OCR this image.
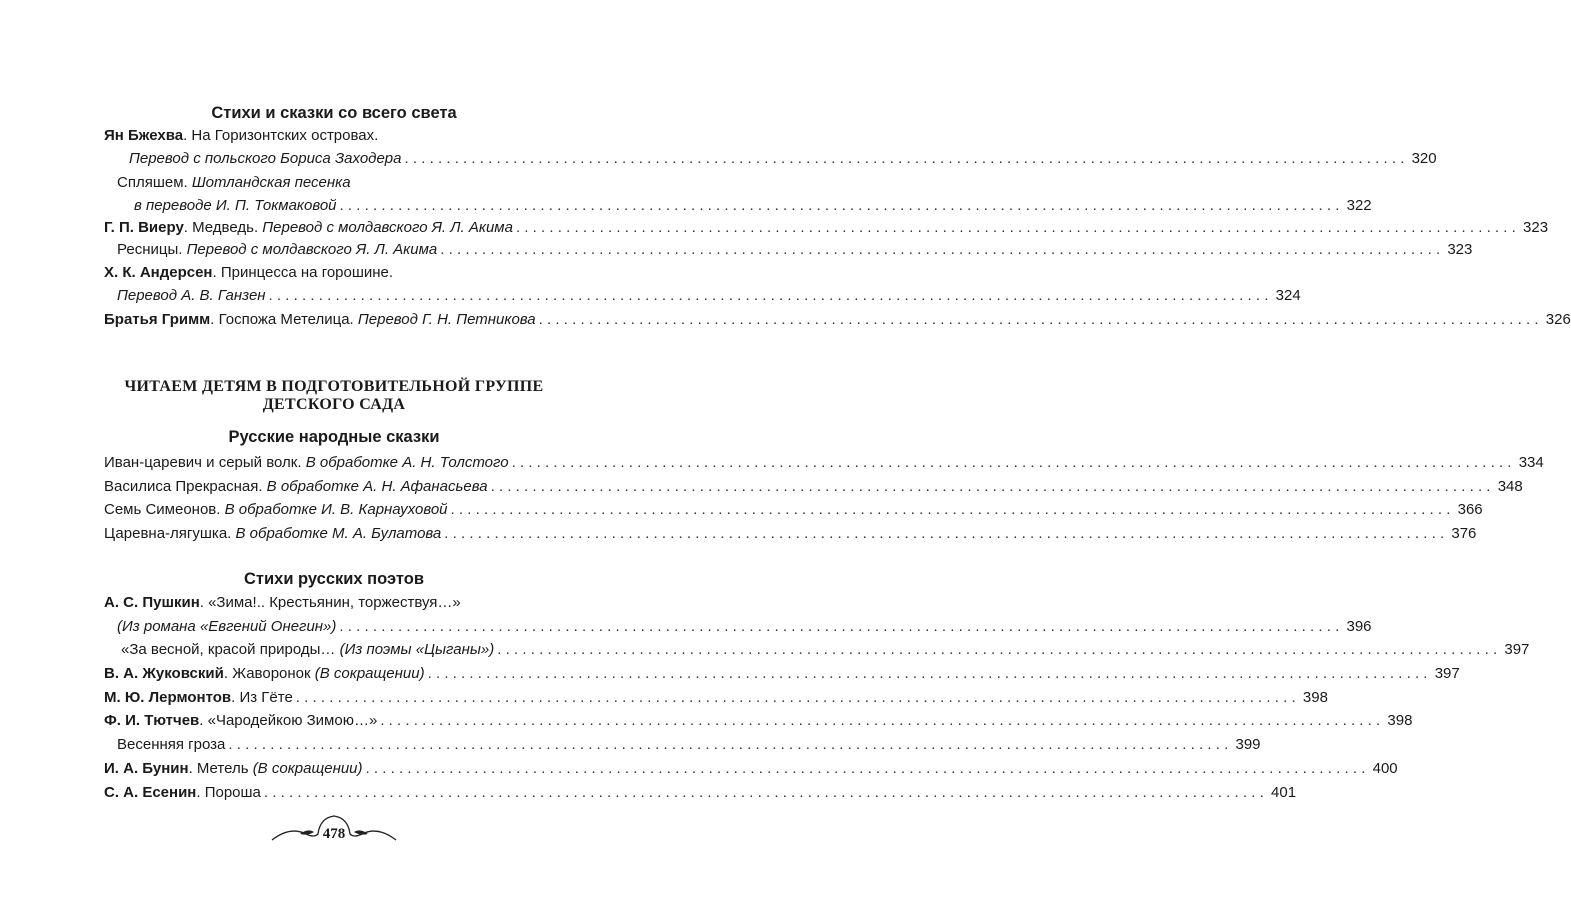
Стихи и сказки со всего света
Ян Бжехва. На Горизонтских островах.
Перевод с польского Бориса Заходера ........................................................................................................................ 320
Спляшем. Шотландская песенка
в переводе И. П. Токмаковой ........................................................................................................................ 322
Г. П. Виеру. Медведь. Перевод с молдавского Я. Л. Акима ........................................................................................................................ 323
Ресницы. Перевод с молдавского Я. Л. Акима ........................................................................................................................ 323
Х. К. Андерсен. Принцесса на горошине.
Перевод А. В. Ганзен ........................................................................................................................ 324
Братья Гримм. Госпожа Метелица. Перевод Г. Н. Петникова ........................................................................................................................ 326
ЧИТАЕМ ДЕТЯМ В ПОДГОТОВИТЕЛЬНОЙ ГРУППЕ
ДЕТСКОГО САДА
Русские народные сказки
Иван-царевич и серый волк. В обработке А. Н. Толстого ........................................................................................................................ 334
Василиса Прекрасная. В обработке А. Н. Афанасьева ........................................................................................................................ 348
Семь Симеонов. В обработке И. В. Карнауховой ........................................................................................................................ 366
Царевна-лягушка. В обработке М. А. Булатова ........................................................................................................................ 376
Стихи русских поэтов
А. С. Пушкин. «Зима!.. Крестьянин, торжествуя…»
(Из романа «Евгений Онегин») ........................................................................................................................ 396
«За весной, красой природы… (Из поэмы «Цыганы») ........................................................................................................................ 397
В. А. Жуковский. Жаворонок (В сокращении) ........................................................................................................................ 397
М. Ю. Лермонтов. Из Гёте ........................................................................................................................ 398
Ф. И. Тютчев. «Чародейкою Зимою…» ........................................................................................................................ 398
Весенняя гроза ........................................................................................................................ 399
И. А. Бунин. Метель (В сокращении) ........................................................................................................................ 400
С. А. Есенин. Пороша ........................................................................................................................ 401
478
